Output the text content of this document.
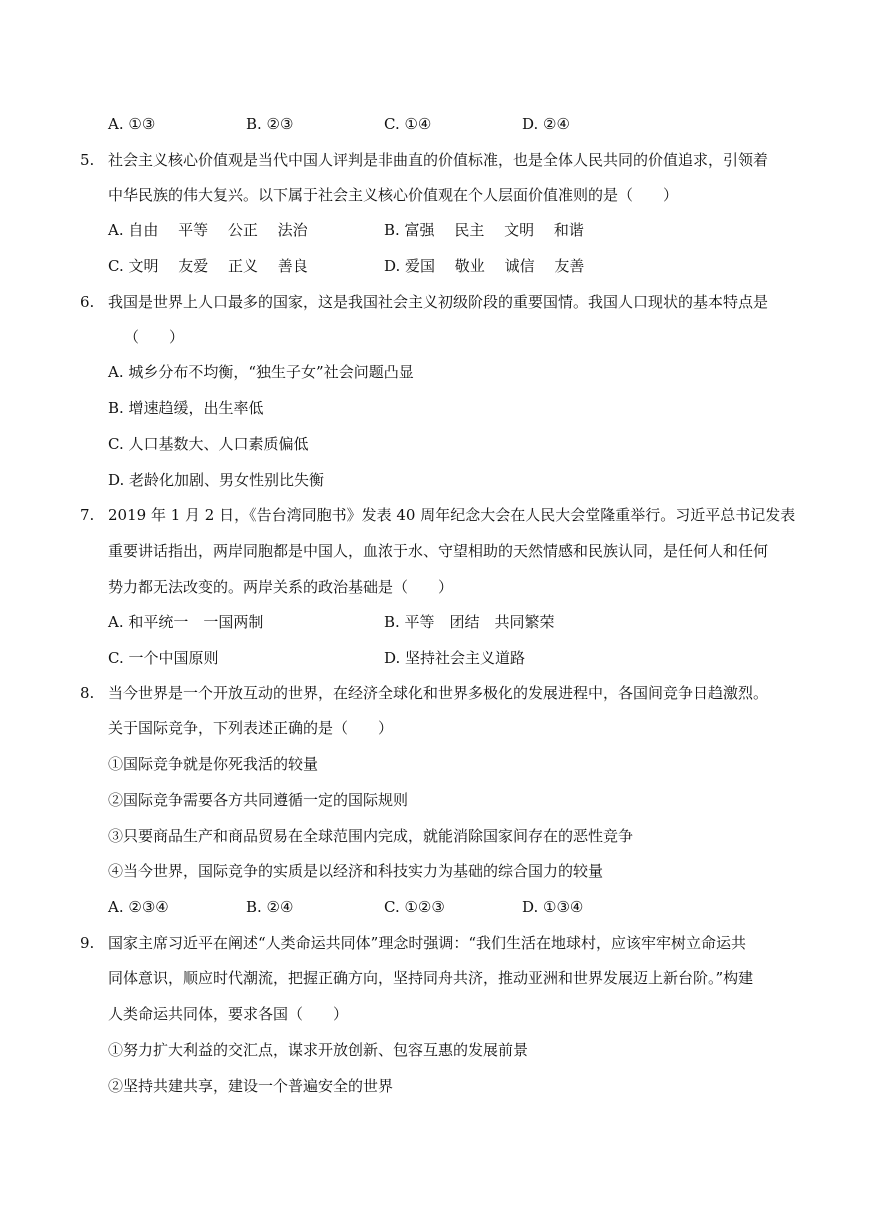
A. ①③	B. ②③	C. ①④	D. ②④
5. 社会主义核心价值观是当代中国人评判是非曲直的价值标准，也是全体人民共同的价值追求，引领着
中华民族的伟大复兴。以下属于社会主义核心价值观在个人层面价值准则的是（　　）
A. 自由　 平等　 公正　 法治	B. 富强　 民主　 文明　 和谐
C. 文明　 友爱　 正义　 善良	D. 爱国　 敬业　 诚信　 友善
6. 我国是世界上人口最多的国家，这是我国社会主义初级阶段的重要国情。我国人口现状的基本特点是
（　　）
A. 城乡分布不均衡，“独生子女”社会问题凸显
B. 增速趋缓，出生率低
C. 人口基数大、人口素质偏低
D. 老龄化加剧、男女性别比失衡
7. 2019 年 1 月 2 日，《告台湾同胞书》发表 40 周年纪念大会在人民大会堂隆重举行。习近平总书记发表
重要讲话指出，两岸同胞都是中国人，血浓于水、守望相助的天然情感和民族认同，是任何人和任何
势力都无法改变的。两岸关系的政治基础是（　　）
A. 和平统一　一国两制	B. 平等　团结　共同繁荣
C. 一个中国原则	D. 坚持社会主义道路
8. 当今世界是一个开放互动的世界，在经济全球化和世界多极化的发展进程中，各国间竞争日趋激烈。
关于国际竞争，下列表述正确的是（　　）
①国际竞争就是你死我活的较量
②国际竞争需要各方共同遵循一定的国际规则
③只要商品生产和商品贸易在全球范围内完成，就能消除国家间存在的恶性竞争
④当今世界，国际竞争的实质是以经济和科技实力为基础的综合国力的较量
A. ②③④	B. ②④	C. ①②③	D. ①③④
9. 国家主席习近平在阐述“人类命运共同体”理念时强调：“我们生活在地球村，应该牢牢树立命运共
同体意识，顺应时代潮流，把握正确方向，坚持同舟共济，推动亚洲和世界发展迈上新台阶。”构建
人类命运共同体，要求各国（　　）
①努力扩大利益的交汇点，谋求开放创新、包容互惠的发展前景
②坚持共建共享，建设一个普遍安全的世界
